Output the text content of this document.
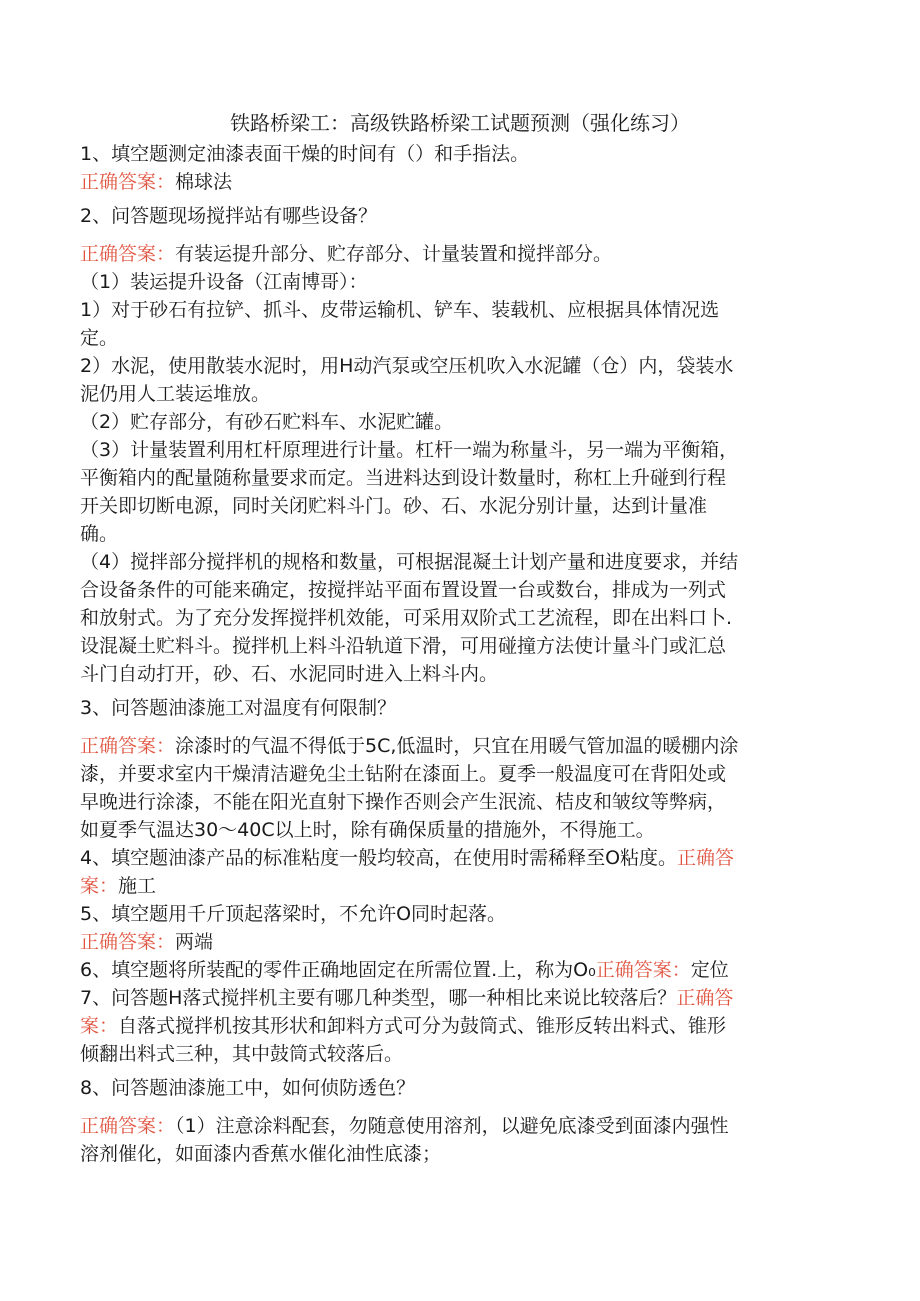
铁路桥梁工：高级铁路桥梁工试题预测（强化练习）

1、填空题测定油漆表面干燥的时间有（）和手指法。

正确答案：棉球法

2、问答题现场搅拌站有哪些设备？

正确答案：有装运提升部分、贮存部分、计量装置和搅拌部分。

（1）装运提升设备（江南博哥）：

1）对于砂石有拉铲、抓斗、皮带运输机、铲车、装载机、应根据具体情况选

定。

2）水泥，使用散装水泥时，用H动汽泵或空压机吹入水泥罐（仓）内，袋装水

泥仍用人工装运堆放。

（2）贮存部分，有砂石贮料车、水泥贮罐。

（3）计量装置利用杠杆原理进行计量。杠杆一端为称量斗，另一端为平衡箱，

平衡箱内的配量随称量要求而定。当进料达到设计数量时，称杠上升碰到行程

开关即切断电源，同时关闭贮料斗门。砂、石、水泥分别计量，达到计量准

确。

（4）搅拌部分搅拌机的规格和数量，可根据混凝土计划产量和进度要求，并结

合设备条件的可能来确定，按搅拌站平面布置设置一台或数台，排成为一列式

和放射式。为了充分发挥搅拌机效能，可采用双阶式工艺流程，即在出料口卜.

设混凝土贮料斗。搅拌机上料斗沿轨道下滑，可用碰撞方法使计量斗门或汇总

斗门自动打开，砂、石、水泥同时进入上料斗内。

3、问答题油漆施工对温度有何限制？

正确答案：涂漆时的气温不得低于5C,低温时，只宜在用暖气管加温的暖棚内涂

漆，并要求室内干燥清洁避免尘土钻附在漆面上。夏季一般温度可在背阳处或

早晚进行涂漆，不能在阳光直射下操作否则会产生泯流、桔皮和皱纹等弊病，

如夏季气温达30～40C以上时，除有确保质量的措施外，不得施工。

4、填空题油漆产品的标准粘度一般均较高，在使用时需稀释至O粘度。正确答

案：施工

5、填空题用千斤顶起落梁时，不允许O同时起落。

正确答案：两端

6、填空题将所装配的零件正确地固定在所需位置.上，称为O₀正确答案：定位

7、问答题H落式搅拌机主要有哪几种类型，哪一种相比来说比较落后？正确答

案：自落式搅拌机按其形状和卸料方式可分为鼓筒式、锥形反转出料式、锥形

倾翻出料式三种，其中鼓筒式较落后。

8、问答题油漆施工中，如何侦防透色？

正确答案：（1）注意涂料配套，勿随意使用溶剂，以避免底漆受到面漆内强性

溶剂催化，如面漆内香蕉水催化油性底漆；
